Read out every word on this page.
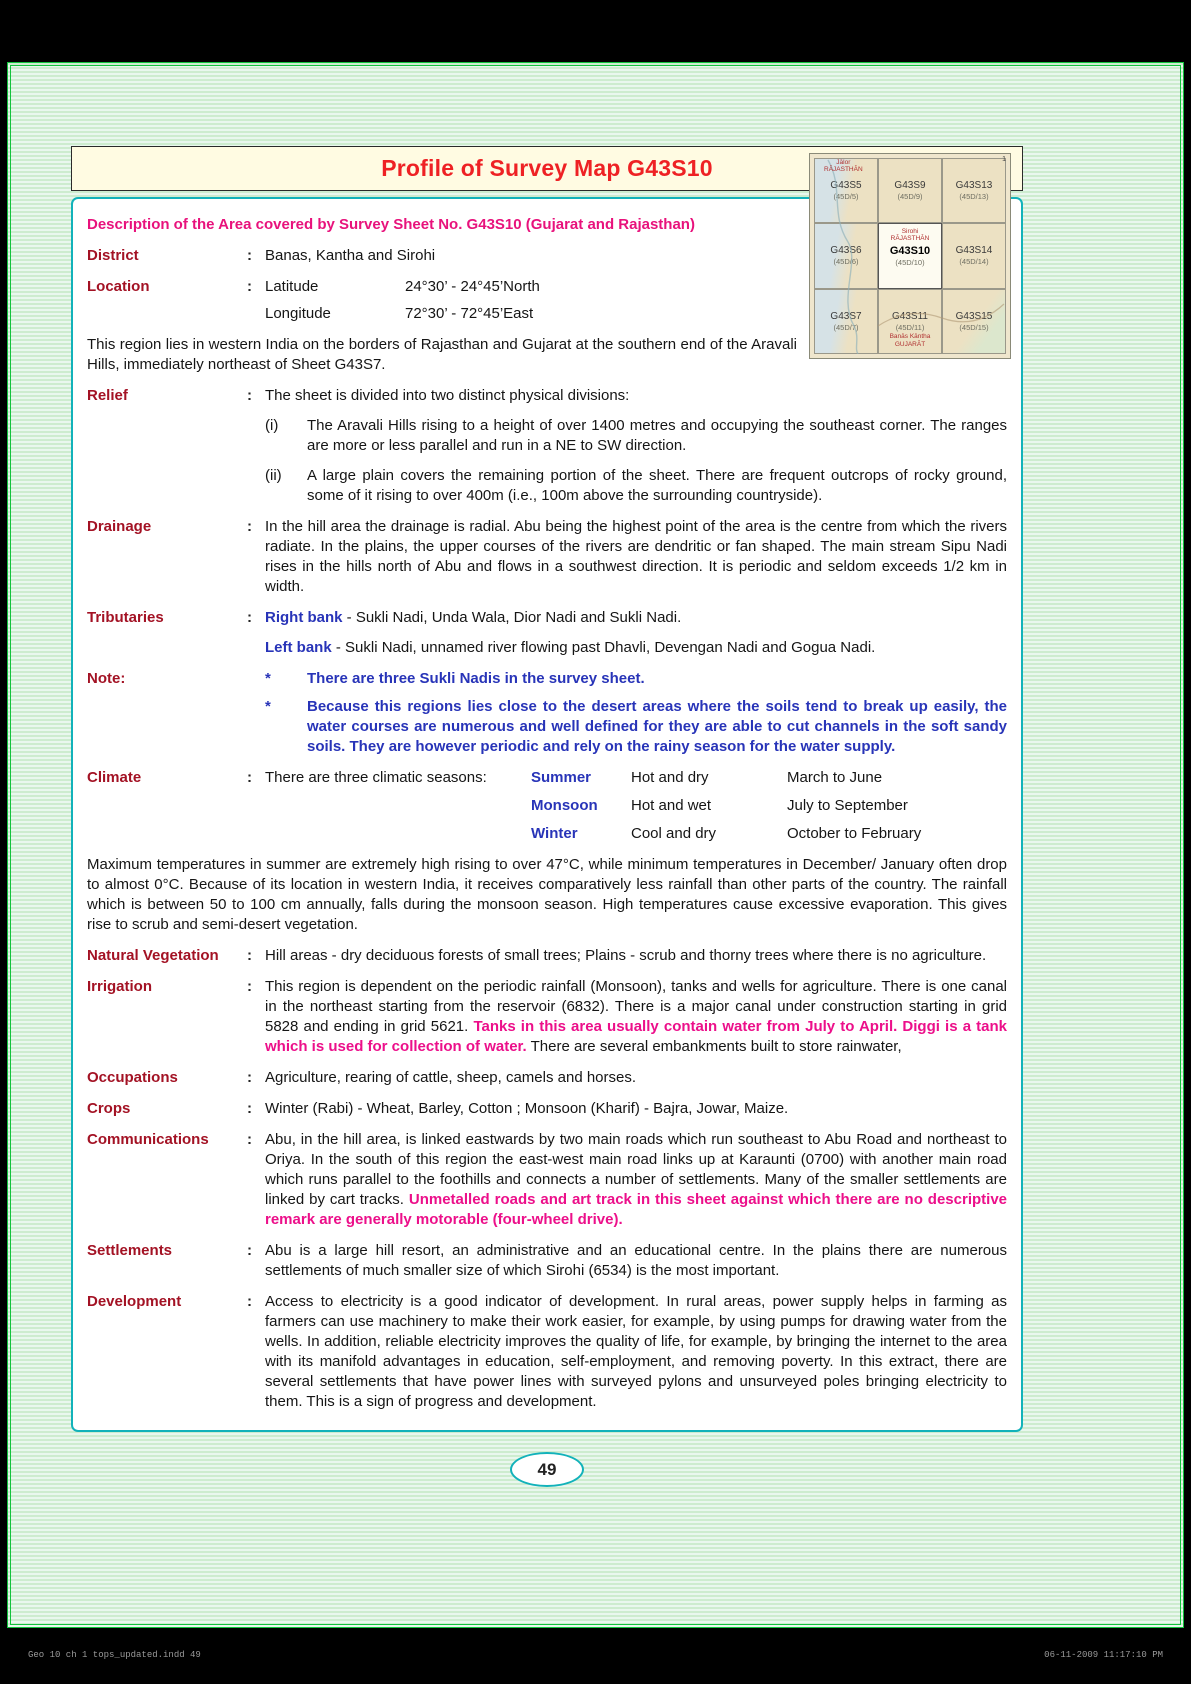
Profile of Survey Map G43S10
G43S5
(45D/5)
G43S9
(45D/9)
G43S13
(45D/13)
G43S6
(45D/6)
G43S10
(45D/10)
G43S14
(45D/14)
G43S7
(45D/7)
G43S11
(45D/11)
G43S15
(45D/15)
Jālor
RĀJASTHĀN
Sirohi
RĀJASTHĀN
Banās Kāntha
GUJARĀT
1
Description of the Area covered by Survey Sheet No. G43S10 (Gujarat and Rajasthan)
District	: Banas, Kantha and Sirohi
Location	: Latitude	24°30’ - 24°45’North
Longitude	72°30’ - 72°45’East
This region lies in western India on the borders of Rajasthan and Gujarat at the southern end of the Aravali Hills, immediately northeast of Sheet G43S7.
Relief	: The sheet is divided into two distinct physical divisions:
(i)	The Aravali Hills rising to a height of over 1400 metres and occupying the southeast corner. The ranges are more or less parallel and run in a NE to SW direction.
(ii)	A large plain covers the remaining portion of the sheet. There are frequent outcrops of rocky ground, some of it rising to over 400m (i.e., 100m above the surrounding countryside).
Drainage	: In the hill area the drainage is radial. Abu being the highest point of the area is the centre from which the rivers radiate. In the plains, the upper courses of the rivers are dendritic or fan shaped. The main stream Sipu Nadi rises in the hills north of Abu and flows in a southwest direction. It is periodic and seldom exceeds 1/2 km in width.
Tributaries	: Right bank - Sukli Nadi, Unda Wala, Dior Nadi and Sukli Nadi.
Left bank - Sukli Nadi, unnamed river flowing past Dhavli, Devengan Nadi and Gogua Nadi.
Note:	*	There are three Sukli Nadis in the survey sheet.
*	Because this regions lies close to the desert areas where the soils tend to break up easily, the water courses are numerous and well defined for they are able to cut channels in the soft sandy soils. They are however periodic and rely on the rainy season for the water supply.
Climate	: There are three climatic seasons:	Summer	Hot and dry	March to June
Monsoon	Hot and wet	July to September
Winter	Cool and dry	October to February
Maximum temperatures in summer are extremely high rising to over 47°C, while minimum temperatures in December/ January often drop to almost 0°C. Because of its location in western India, it receives comparatively less rainfall than other parts of the country. The rainfall which is between 50 to 100 cm annually, falls during the monsoon season. High temperatures cause excessive evaporation. This gives rise to scrub and semi-desert vegetation.
Natural Vegetation	: Hill areas - dry deciduous forests of small trees; Plains - scrub and thorny trees where there is no agriculture.
Irrigation	: This region is dependent on the periodic rainfall (Monsoon), tanks and wells for agriculture. There is one canal in the northeast starting from the reservoir (6832). There is a major canal under construction starting in grid 5828 and ending in grid 5621. Tanks in this area usually contain water from July to April. Diggi is a tank which is used for collection of water. There are several embankments built to store rainwater,
Occupations	: Agriculture, rearing of cattle, sheep, camels and horses.
Crops	: Winter (Rabi) - Wheat, Barley, Cotton ; Monsoon (Kharif) - Bajra, Jowar, Maize.
Communications	: Abu, in the hill area, is linked eastwards by two main roads which run southeast to Abu Road and northeast to Oriya. In the south of this region the east-west main road links up at Karaunti (0700) with another main road which runs parallel to the foothills and connects a number of settlements. Many of the smaller settlements are linked by cart tracks. Unmetalled roads and art track in this sheet against which there are no descriptive remark are generally motorable (four-wheel drive).
Settlements	: Abu is a large hill resort, an administrative and an educational centre. In the plains there are numerous settlements of much smaller size of which Sirohi (6534) is the most important.
Development	: Access to electricity is a good indicator of development. In rural areas, power supply helps in farming as farmers can use machinery to make their work easier, for example, by using pumps for drawing water from the wells. In addition, reliable electricity improves the quality of life, for example, by bringing the internet to the area with its manifold advantages in education, self-employment, and removing poverty. In this extract, there are several settlements that have power lines with surveyed pylons and unsurveyed poles bringing electricity to them. This is a sign of progress and development.
49
Geo 10 ch 1 tops_updated.indd 49	06-11-2009 11:17:10 PM
